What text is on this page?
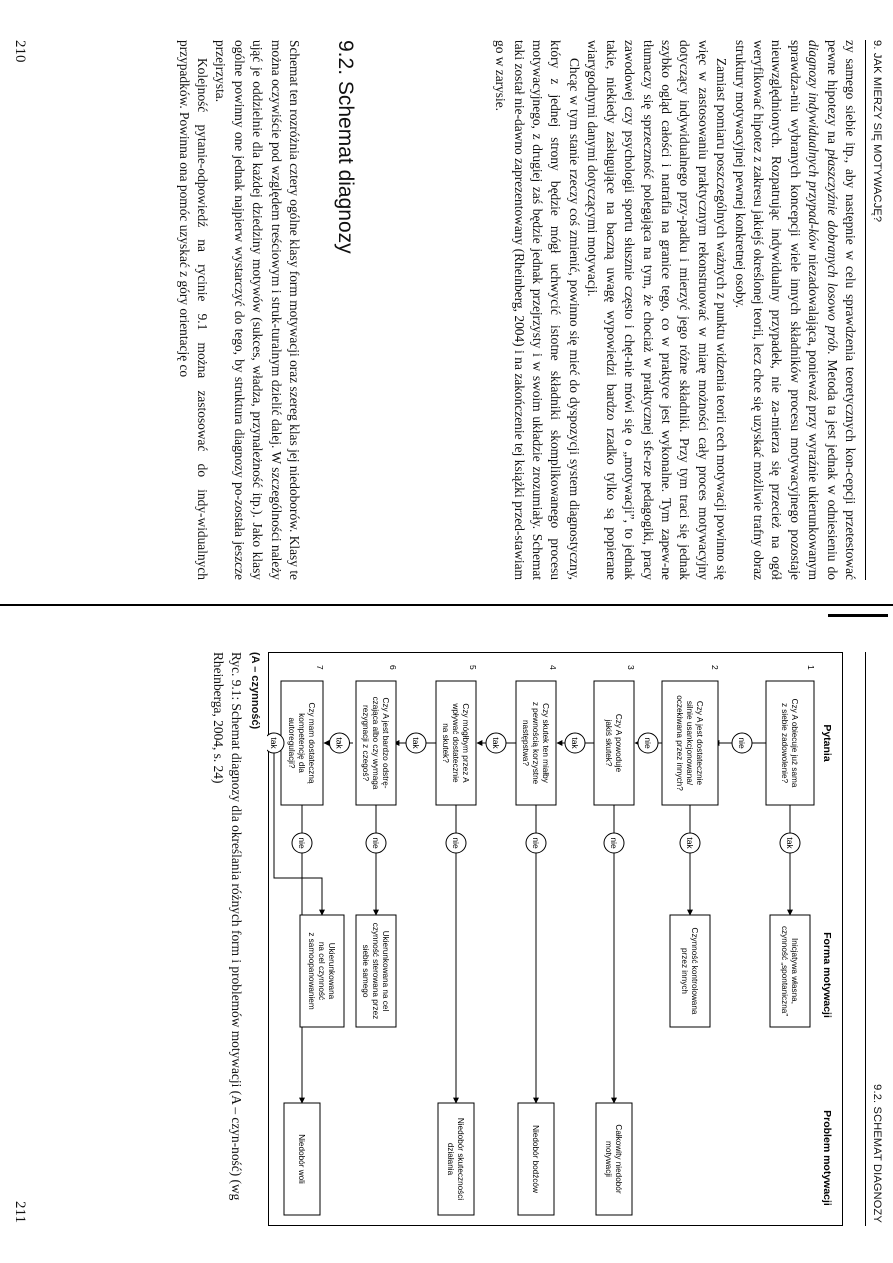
9. JAK MIERZY SIĘ MOTYWACJĘ?

zy samego siebie itp., aby następnie w celu sprawdzenia teoretycznych kon-cepcji przetestować pewne hipotezy na płaszczyźnie dobranych losowo prób. Metoda ta jest jednak w odniesieniu do diagnozy indywidualnych przypad-ków niezadowalająca, ponieważ przy wyraźnie ukierunkowanym sprawdza-niu wybranych koncepcji wiele innych składników procesu motywacyjnego pozostaje nieuwzględnionych. Rozpatrując indywidualny przypadek, nie za-mierza się przecież na ogół weryfikować hipotez z zakresu jakiejś określonej teorii, lecz chce się uzyskać możliwie trafny obraz struktury motywacyjnej pewnej konkretnej osoby.

Zamiast pomiaru poszczególnych ważnych z punktu widzenia teorii cech motywacji powinno się więc w zastosowaniu praktycznym rekonstruować w miarę możności cały proces motywacyjny dotyczący indywidualnego przy-padku i mierzyć jego różne składniki. Przy tym traci się jednak szybko ogląd całości i natrafia na granice tego, co w praktyce jest wykonalne. Tym zapew-ne tłumaczy się sprzeczność polegająca na tym, że chociaż w praktycznej sfe-rze pedagogiki, pracy zawodowej czy psychologii sportu słusznie często i chęt-nie mówi się o „motywacji”, to jednak takie, niekiedy zasługujące na baczną uwagę wypowiedzi bardzo rzadko tylko są popierane wiarygodnymi danymi dotyczącymi motywacji.

Chcąc w tym stanie rzeczy coś zmienić, powinno się mieć do dyspozycji system diagnostyczny, który z jednej strony będzie mógł uchwycić istotne składniki skomplikowanego procesu motywacyjnego, z drugiej zaś będzie jednak przejrzysty i w swoim układzie zrozumiały. Schemat taki został nie-dawno zaprezentowany (Rheinberg, 2004) i na zakończenie tej książki przed-stawiam go w zarysie.

9.2. Schemat diagnozy

Schemat ten rozróżnia cztery ogólne klasy form motywacji oraz szereg klas jej niedoborów. Klasy te można oczywiście pod względem treściowym i struk-turalnym dzielić dalej. W szczególności należy ująć je oddzielnie dla każdej dziedziny motywów (sukces, władza, przynależność itp.). Jako klasy ogólne powinny one jednak najpierw wystarczyć do tego, by struktura diagnozy po-została jeszcze przejrzysta.

Kolejność pytanie-odpowiedź na rycinie 9.1 można zastosować do indy-widualnych przypadków. Powinna ona pomóc uzyskać z góry orientację co

210
9.2. SCHEMAT DIAGNOZY
Pytania
Forma motywacji
Problem motywacji
1
Czy A obiecuje już sama
z siebie zadowolenie?
2
Czy A jest dostatecznie
silnie usankcjonowana/
oczekiwana przez innych?
3
Czy A powoduje
jakiś skutek?
4
Czy skutek ten miałby
z pewnością korzystne
następstwa?
5
Czy mógłbym przez A
wpływać dostatecznie
na skutek?
6
Czy A jest bardzo odstrę-
czająca albo czy wymaga
rezygnacji z czegoś?
7
Czy mam dostateczną
kompetencję dla
autoregulacji?
Inicjatywa własna,
czynność „spontaniczna”
Czynność kontrolowana
przez innych
Ukierunkowana na cel
czynność sterowana przez
siebie samego
Ukierunkowana
na cel czynność
z samoopanowaniem
Całkowity niedobór
motywacji
Niedobór bodźców
Niedobór skuteczności
działania
Niedobór woli
tak
nie
tak
nie
nie
tak
nie
tak
nie
tak
nie
tak
nie
tak
(A – czynność)
Ryc. 9.1: Schemat diagnozy dla określania różnych form i problemów motywacji (A – czyn-ność) (wg Rheinberga, 2004, s. 24)
211
